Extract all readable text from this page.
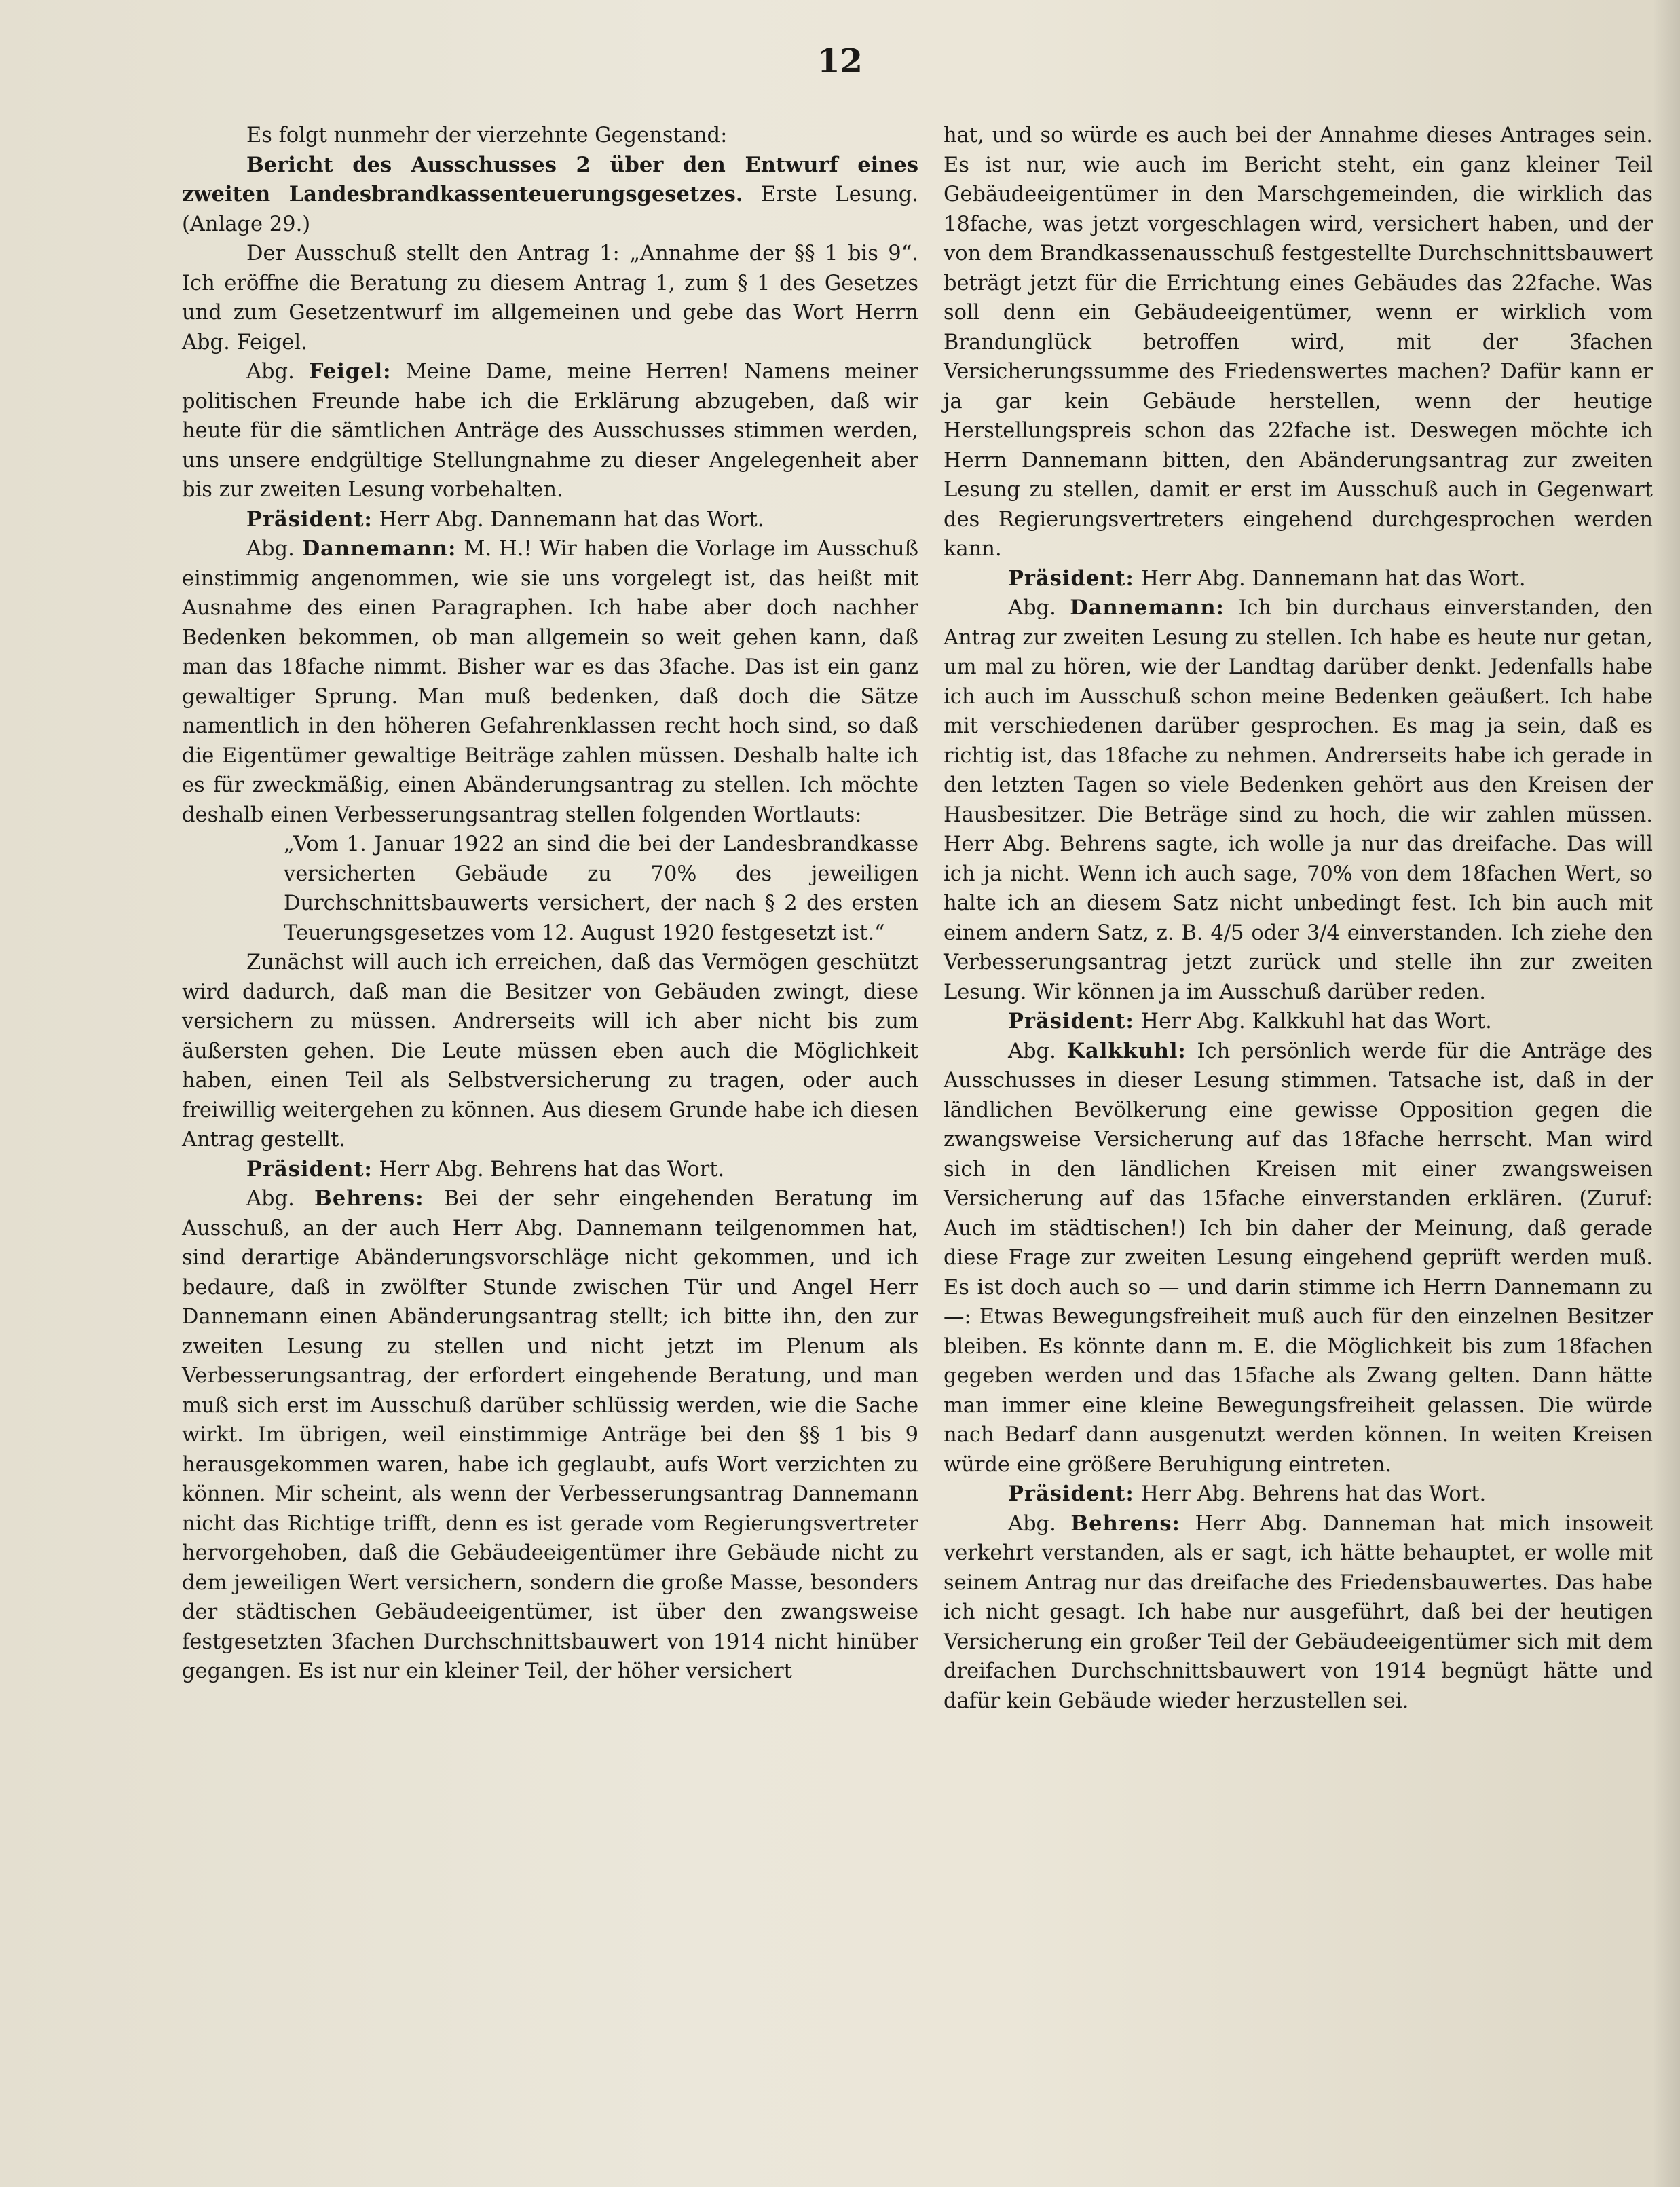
12

Es folgt nunmehr der vierzehnte Gegenstand:

Bericht des Ausschusses 2 über den Entwurf eines zweiten Landesbrandkassenteuerungsgesetzes. Erste Lesung. (Anlage 29.)

Der Ausschuß stellt den Antrag 1: „Annahme der §§ 1 bis 9“. Ich eröffne die Beratung zu diesem Antrag 1, zum § 1 des Gesetzes und zum Gesetzentwurf im allgemeinen und gebe das Wort Herrn Abg. Feigel.

Abg. Feigel: Meine Dame, meine Herren! Namens meiner politischen Freunde habe ich die Erklärung abzugeben, daß wir heute für die sämtlichen Anträge des Ausschusses stimmen werden, uns unsere endgültige Stellungnahme zu dieser Angelegenheit aber bis zur zweiten Lesung vorbehalten.

Präsident: Herr Abg. Dannemann hat das Wort.

Abg. Dannemann: M. H.! Wir haben die Vorlage im Ausschuß einstimmig angenommen, wie sie uns vorgelegt ist, das heißt mit Ausnahme des einen Paragraphen. Ich habe aber doch nachher Bedenken bekommen, ob man allgemein so weit gehen kann, daß man das 18fache nimmt. Bisher war es das 3fache. Das ist ein ganz gewaltiger Sprung. Man muß bedenken, daß doch die Sätze namentlich in den höheren Gefahrenklassen recht hoch sind, so daß die Eigentümer gewaltige Beiträge zahlen müssen. Deshalb halte ich es für zweckmäßig, einen Abänderungsantrag zu stellen. Ich möchte deshalb einen Verbesserungsantrag stellen folgenden Wortlauts:

„Vom 1. Januar 1922 an sind die bei der Landesbrandkasse versicherten Gebäude zu 70% des jeweiligen Durchschnittsbauwerts versichert, der nach § 2 des ersten Teuerungsgesetzes vom 12. August 1920 festgesetzt ist.“

Zunächst will auch ich erreichen, daß das Vermögen geschützt wird dadurch, daß man die Besitzer von Gebäuden zwingt, diese versichern zu müssen. Andrerseits will ich aber nicht bis zum äußersten gehen. Die Leute müssen eben auch die Möglichkeit haben, einen Teil als Selbstversicherung zu tragen, oder auch freiwillig weitergehen zu können. Aus diesem Grunde habe ich diesen Antrag gestellt.

Präsident: Herr Abg. Behrens hat das Wort.

Abg. Behrens: Bei der sehr eingehenden Beratung im Ausschuß, an der auch Herr Abg. Dannemann teilgenommen hat, sind derartige Abänderungsvorschläge nicht gekommen, und ich bedaure, daß in zwölfter Stunde zwischen Tür und Angel Herr Dannemann einen Abänderungsantrag stellt; ich bitte ihn, den zur zweiten Lesung zu stellen und nicht jetzt im Plenum als Verbesserungsantrag, der erfordert eingehende Beratung, und man muß sich erst im Ausschuß darüber schlüssig werden, wie die Sache wirkt. Im übrigen, weil einstimmige Anträge bei den §§ 1 bis 9 herausgekommen waren, habe ich geglaubt, aufs Wort verzichten zu können. Mir scheint, als wenn der Verbesserungsantrag Dannemann nicht das Richtige trifft, denn es ist gerade vom Regierungsvertreter hervorgehoben, daß die Gebäudeeigentümer ihre Gebäude nicht zu dem jeweiligen Wert versichern, sondern die große Masse, besonders der städtischen Gebäudeeigentümer, ist über den zwangsweise festgesetzten 3fachen Durchschnittsbauwert von 1914 nicht hinüber gegangen. Es ist nur ein kleiner Teil, der höher versichert

hat, und so würde es auch bei der Annahme dieses Antrages sein. Es ist nur, wie auch im Bericht steht, ein ganz kleiner Teil Gebäudeeigentümer in den Marschgemeinden, die wirklich das 18fache, was jetzt vorgeschlagen wird, versichert haben, und der von dem Brandkassenausschuß festgestellte Durchschnittsbauwert beträgt jetzt für die Errichtung eines Gebäudes das 22fache. Was soll denn ein Gebäudeeigentümer, wenn er wirklich vom Brandunglück betroffen wird, mit der 3fachen Versicherungssumme des Friedenswertes machen? Dafür kann er ja gar kein Gebäude herstellen, wenn der heutige Herstellungspreis schon das 22fache ist. Deswegen möchte ich Herrn Dannemann bitten, den Abänderungsantrag zur zweiten Lesung zu stellen, damit er erst im Ausschuß auch in Gegenwart des Regierungsvertreters eingehend durchgesprochen werden kann.

Präsident: Herr Abg. Dannemann hat das Wort.

Abg. Dannemann: Ich bin durchaus einverstanden, den Antrag zur zweiten Lesung zu stellen. Ich habe es heute nur getan, um mal zu hören, wie der Landtag darüber denkt. Jedenfalls habe ich auch im Ausschuß schon meine Bedenken geäußert. Ich habe mit verschiedenen darüber gesprochen. Es mag ja sein, daß es richtig ist, das 18fache zu nehmen. Andrerseits habe ich gerade in den letzten Tagen so viele Bedenken gehört aus den Kreisen der Hausbesitzer. Die Beträge sind zu hoch, die wir zahlen müssen. Herr Abg. Behrens sagte, ich wolle ja nur das dreifache. Das will ich ja nicht. Wenn ich auch sage, 70% von dem 18fachen Wert, so halte ich an diesem Satz nicht unbedingt fest. Ich bin auch mit einem andern Satz, z. B. 4/5 oder 3/4 einverstanden. Ich ziehe den Verbesserungsantrag jetzt zurück und stelle ihn zur zweiten Lesung. Wir können ja im Ausschuß darüber reden.

Präsident: Herr Abg. Kalkkuhl hat das Wort.

Abg. Kalkkuhl: Ich persönlich werde für die Anträge des Ausschusses in dieser Lesung stimmen. Tatsache ist, daß in der ländlichen Bevölkerung eine gewisse Opposition gegen die zwangsweise Versicherung auf das 18fache herrscht. Man wird sich in den ländlichen Kreisen mit einer zwangsweisen Versicherung auf das 15fache einverstanden erklären. (Zuruf: Auch im städtischen!) Ich bin daher der Meinung, daß gerade diese Frage zur zweiten Lesung eingehend geprüft werden muß. Es ist doch auch so — und darin stimme ich Herrn Dannemann zu —: Etwas Bewegungsfreiheit muß auch für den einzelnen Besitzer bleiben. Es könnte dann m. E. die Möglichkeit bis zum 18fachen gegeben werden und das 15fache als Zwang gelten. Dann hätte man immer eine kleine Bewegungsfreiheit gelassen. Die würde nach Bedarf dann ausgenutzt werden können. In weiten Kreisen würde eine größere Beruhigung eintreten.

Präsident: Herr Abg. Behrens hat das Wort.

Abg. Behrens: Herr Abg. Danneman hat mich insoweit verkehrt verstanden, als er sagt, ich hätte behauptet, er wolle mit seinem Antrag nur das dreifache des Friedensbauwertes. Das habe ich nicht gesagt. Ich habe nur ausgeführt, daß bei der heutigen Versicherung ein großer Teil der Gebäudeeigentümer sich mit dem dreifachen Durchschnittsbauwert von 1914 begnügt hätte und dafür kein Gebäude wieder herzustellen sei.
